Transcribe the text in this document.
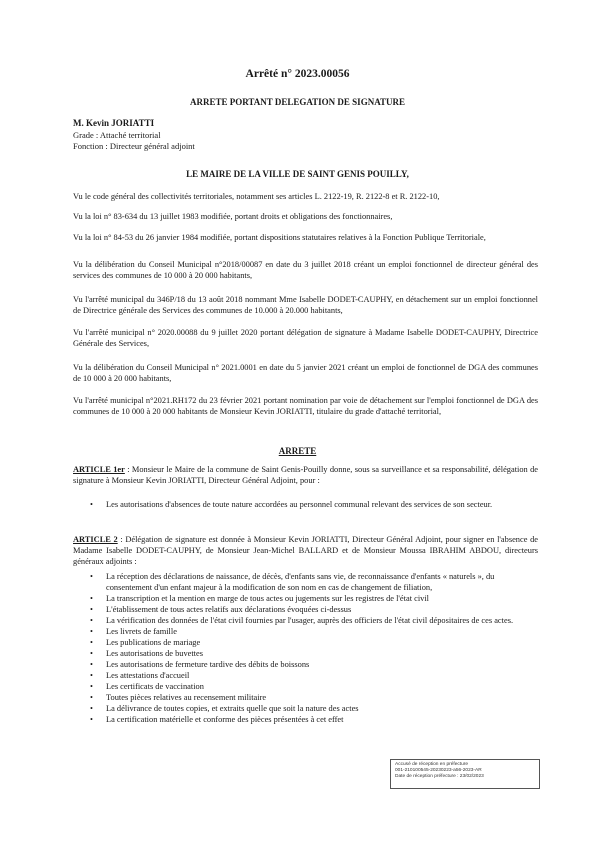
Arrêté n° 2023.00056
ARRETE PORTANT DELEGATION DE SIGNATURE
M. Kevin JORIATTI
Grade : Attaché territorial
Fonction : Directeur général adjoint
LE MAIRE DE LA VILLE DE SAINT GENIS POUILLY,
Vu le code général des collectivités territoriales, notamment ses articles L. 2122-19, R. 2122-8 et R. 2122-10,
Vu la loi n° 83-634 du 13 juillet 1983 modifiée, portant droits et obligations des fonctionnaires,
Vu la loi n° 84-53 du 26 janvier 1984 modifiée, portant dispositions statutaires relatives à la Fonction Publique Territoriale,
Vu la délibération du Conseil Municipal n°2018/00087 en date du 3 juillet 2018 créant un emploi fonctionnel de directeur général des services des communes de 10 000 à 20 000 habitants,
Vu l'arrêté municipal du 346P/18 du 13 août 2018 nommant Mme Isabelle DODET-CAUPHY, en détachement sur un emploi fonctionnel de Directrice générale des Services des communes de 10.000 à 20.000 habitants,
Vu l'arrêté municipal n° 2020.00088 du 9 juillet 2020 portant délégation de signature à Madame Isabelle DODET-CAUPHY, Directrice Générale des Services,
Vu la délibération du Conseil Municipal n° 2021.0001 en date du 5 janvier 2021 créant un emploi de fonctionnel de DGA des communes de 10 000 à 20 000 habitants,
Vu l'arrêté municipal n°2021.RH172 du 23 février 2021 portant nomination par voie de détachement sur l'emploi fonctionnel de DGA des communes de 10 000 à 20 000 habitants de Monsieur Kevin JORIATTI, titulaire du grade d'attaché territorial,
ARRETE
ARTICLE 1er : Monsieur le Maire de la commune de Saint Genis-Pouilly donne, sous sa surveillance et sa responsabilité, délégation de signature à Monsieur Kevin JORIATTI, Directeur Général Adjoint, pour :
• Les autorisations d'absences de toute nature accordées au personnel communal relevant des services de son secteur.
ARTICLE 2 : Délégation de signature est donnée à Monsieur Kevin JORIATTI, Directeur Général Adjoint, pour signer en l'absence de Madame Isabelle DODET-CAUPHY, de Monsieur Jean-Michel BALLARD et de Monsieur Moussa IBRAHIM ABDOU, directeurs généraux adjoints :
• La réception des déclarations de naissance, de décès, d'enfants sans vie, de reconnaissance d'enfants « naturels », du consentement d'un enfant majeur à la modification de son nom en cas de changement de filiation,
• La transcription et la mention en marge de tous actes ou jugements sur les registres de l'état civil
• L'établissement de tous actes relatifs aux déclarations évoquées ci-dessus
• La vérification des données de l'état civil fournies par l'usager, auprès des officiers de l'état civil dépositaires de ces actes.
• Les livrets de famille
• Les publications de mariage
• Les autorisations de buvettes
• Les autorisations de fermeture tardive des débits de boissons
• Les attestations d'accueil
• Les certificats de vaccination
• Toutes pièces relatives au recensement militaire
• La délivrance de toutes copies, et extraits quelle que soit la nature des actes
• La certification matérielle et conforme des pièces présentées à cet effet
Accusé de réception en préfecture
001-210100545-20230223-a56-2023-AR
Date de réception préfecture : 23/02/2023
